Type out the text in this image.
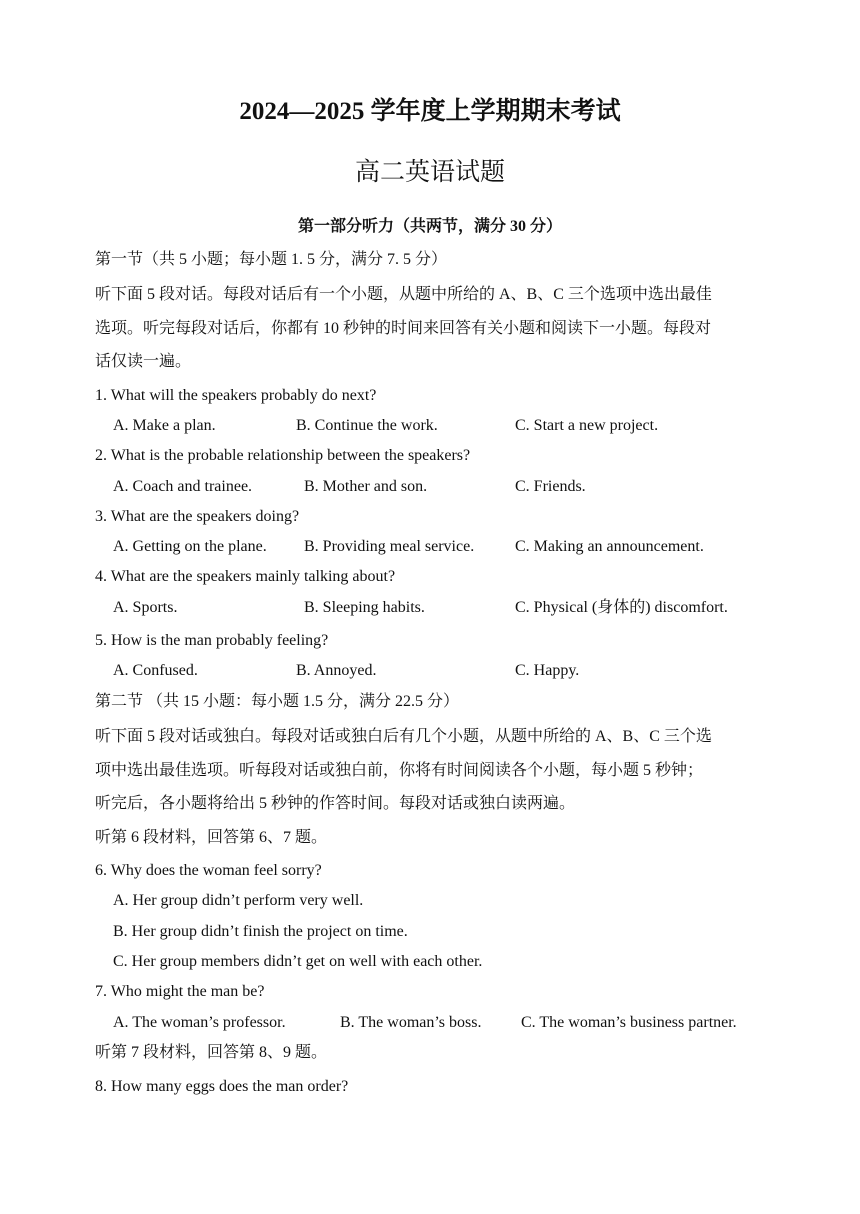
2024—2025 学年度上学期期末考试
高二英语试题
第一部分听力（共两节，满分 30 分）
第一节（共 5 小题；每小题 1. 5 分，满分 7. 5 分）
听下面 5 段对话。每段对话后有一个小题，从题中所给的 A、B、C 三个选项中选出最佳
选项。听完每段对话后，你都有 10 秒钟的时间来回答有关小题和阅读下一小题。每段对
话仅读一遍。
1. What will the speakers probably do next?
A. Make a plan.	B. Continue the work.	C. Start a new project.
2. What is the probable relationship between the speakers?
A. Coach and trainee.	B. Mother and son.	C. Friends.
3. What are the speakers doing?
A. Getting on the plane. B. Providing meal service.	C. Making an announcement.
4. What are the speakers mainly talking about?
A. Sports.	B. Sleeping habits.	C. Physical (身体的) discomfort.
5. How is the man probably feeling?
A. Confused.	B. Annoyed.	C. Happy.
第二节 （共 15 小题：每小题 1.5 分，满分 22.5 分）
听下面 5 段对话或独白。每段对话或独白后有几个小题，从题中所给的 A、B、C 三个选
项中选出最佳选项。听每段对话或独白前，你将有时间阅读各个小题，每小题 5 秒钟；
听完后，各小题将给出 5 秒钟的作答时间。每段对话或独白读两遍。
听第 6 段材料，回答第 6、7 题。
6. Why does the woman feel sorry?
A. Her group didn’t perform very well.
B. Her group didn’t finish the project on time.
C. Her group members didn’t get on well with each other.
7. Who might the man be?
A. The woman’s professor.	B. The woman’s boss. C. The woman’s business partner.
听第 7 段材料，回答第 8、9 题。
8. How many eggs does the man order?
